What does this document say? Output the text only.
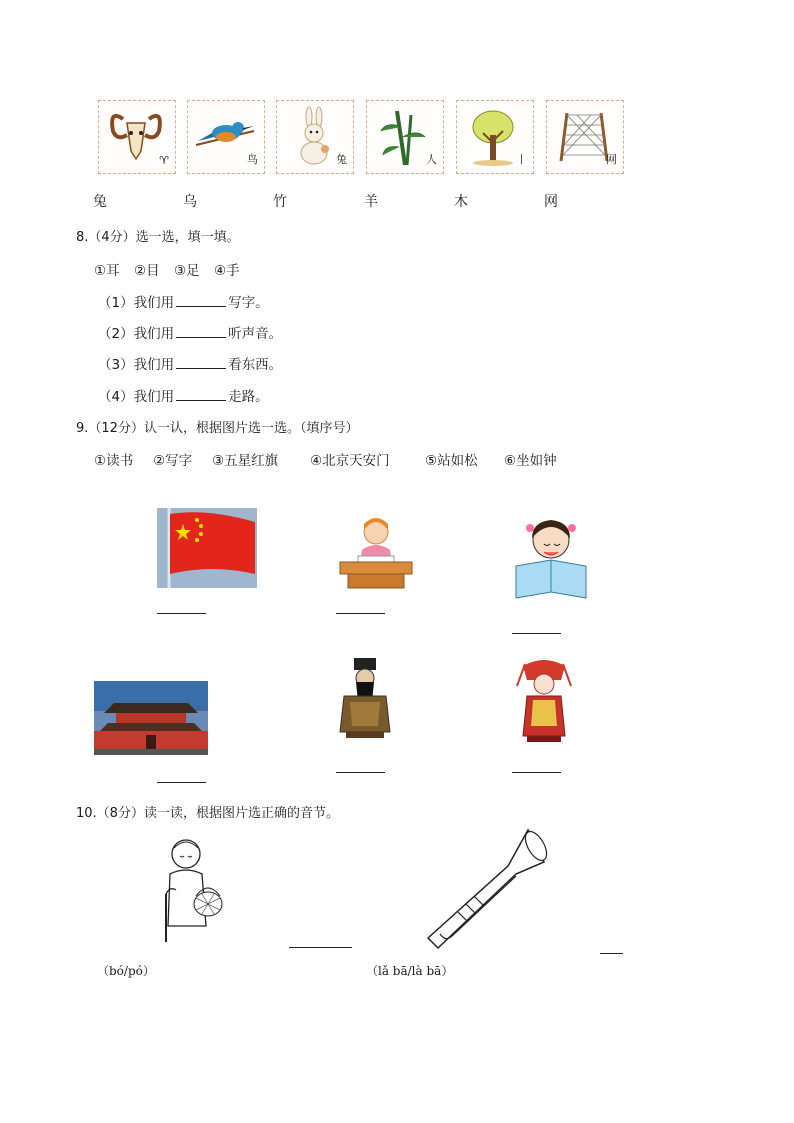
♈	鸟	兔	人	丨	网
兔	乌	竹	羊	木	网
8.（4分）选一选，填一填。
①耳 ②目 ③足 ④手
（1）我们用	写字。
（2）我们用	听声音。
（3）我们用	看东西。
（4）我们用	走路。
9.（12分）认一认，根据图片选一选。（填序号）
①读书 ②写字 ③五星红旗 ④北京天安门	⑤站如松 ⑥坐如钟
10.（8分）读一读，根据图片选正确的音节。
（bó/pó）	（lǎ bā/là bā）
